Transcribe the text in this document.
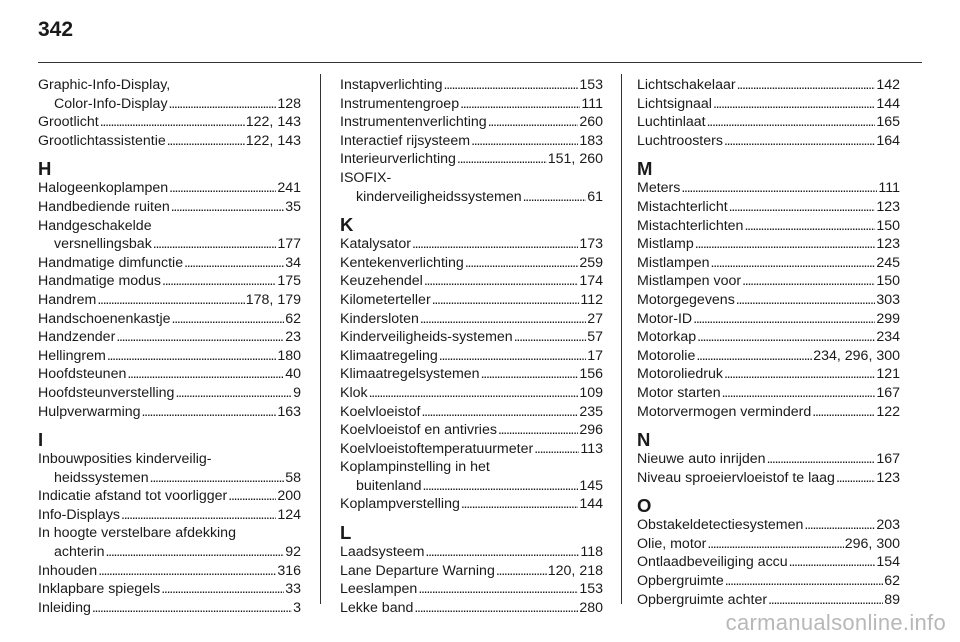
342
Graphic-Info-Display,
Color-Info-Display . . .	128
Grootlicht . . .	122, 143
Grootlichtassistentie . . .	122, 143
H
Halogeenkoplampen . . .	241
Handbediende ruiten . . .	35
Handgeschakelde
versnellingsbak . . .	177
Handmatige dimfunctie . . .	34
Handmatige modus . . .	175
Handrem . . .	178, 179
Handschoenenkastje . . .	62
Handzender . . .	23
Hellingrem . . .	180
Hoofdsteunen . . .	40
Hoofdsteunverstelling . . .	9
Hulpverwarming . . .	163
I
Inbouwposities kinderveilig-
heidssystemen . . .	58
Indicatie afstand tot voorligger . . .	200
Info-Displays . . .	124
In hoogte verstelbare afdekking
achterin . . .	92
Inhouden . . .	316
Inklapbare spiegels . . .	33
Inleiding . . .	3
Instapverlichting . . .	153
Instrumentengroep . . .	111
Instrumentenverlichting . . .	260
Interactief rijsysteem . . .	183
Interieurverlichting . . .	151, 260
ISOFIX-
kinderveiligheidssystemen . . .	61
K
Katalysator . . .	173
Kentekenverlichting . . .	259
Keuzehendel . . .	174
Kilometerteller . . .	112
Kindersloten . . .	27
Kinderveiligheids-systemen . . .	57
Klimaatregeling . . .	17
Klimaatregelsystemen . . .	156
Klok . . .	109
Koelvloeistof . . .	235
Koelvloeistof en antivries . . .	296
Koelvloeistoftemperatuurmeter . . .	113
Koplampinstelling in het
buitenland . . .	145
Koplampverstelling . . .	144
L
Laadsysteem . . .	118
Lane Departure Warning . . .	120, 218
Leeslampen . . .	153
Lekke band . . .	280
Lichtschakelaar . . .	142
Lichtsignaal . . .	144
Luchtinlaat . . .	165
Luchtroosters . . .	164
M
Meters . . .	111
Mistachterlicht . . .	123
Mistachterlichten . . .	150
Mistlamp . . .	123
Mistlampen . . .	245
Mistlampen voor . . .	150
Motorgegevens . . .	303
Motor-ID . . .	299
Motorkap . . .	234
Motorolie . . .	234, 296, 300
Motoroliedruk . . .	121
Motor starten . . .	167
Motorvermogen verminderd . . .	122
N
Nieuwe auto inrijden . . .	167
Niveau sproeiervloeistof te laag . . .	123
O
Obstakeldetectiesystemen . . .	203
Olie, motor . . .	296, 300
Ontlaadbeveiliging accu . . .	154
Opbergruimte . . .	62
Opbergruimte achter . . .	89
carmanualsonline.info
